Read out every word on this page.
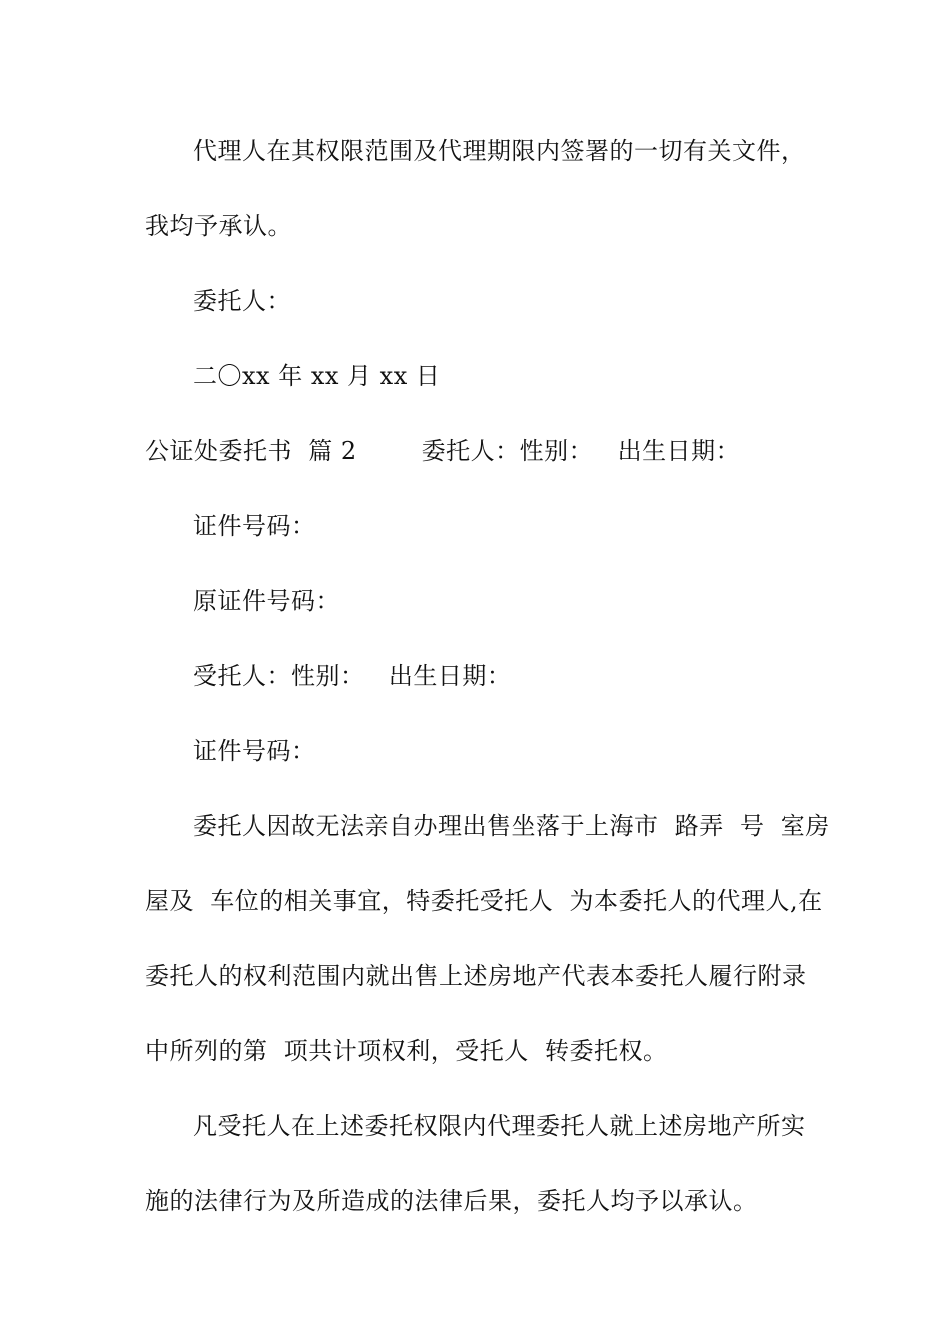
代理人在其权限范围及代理期限内签署的一切有关文件，
我均予承认。
委托人：
二〇xx 年 xx 月 xx 日
公证处委托书  篇 2        委托人：性别：   出生日期：
证件号码：
原证件号码：
受托人：性别：   出生日期：
证件号码：
委托人因故无法亲自办理出售坐落于上海市  路弄  号  室房
屋及  车位的相关事宜，特委托受托人  为本委托人的代理人,在
委托人的权利范围内就出售上述房地产代表本委托人履行附录
中所列的第  项共计项权利，受托人  转委托权。
凡受托人在上述委托权限内代理委托人就上述房地产所实
施的法律行为及所造成的法律后果，委托人均予以承认。
